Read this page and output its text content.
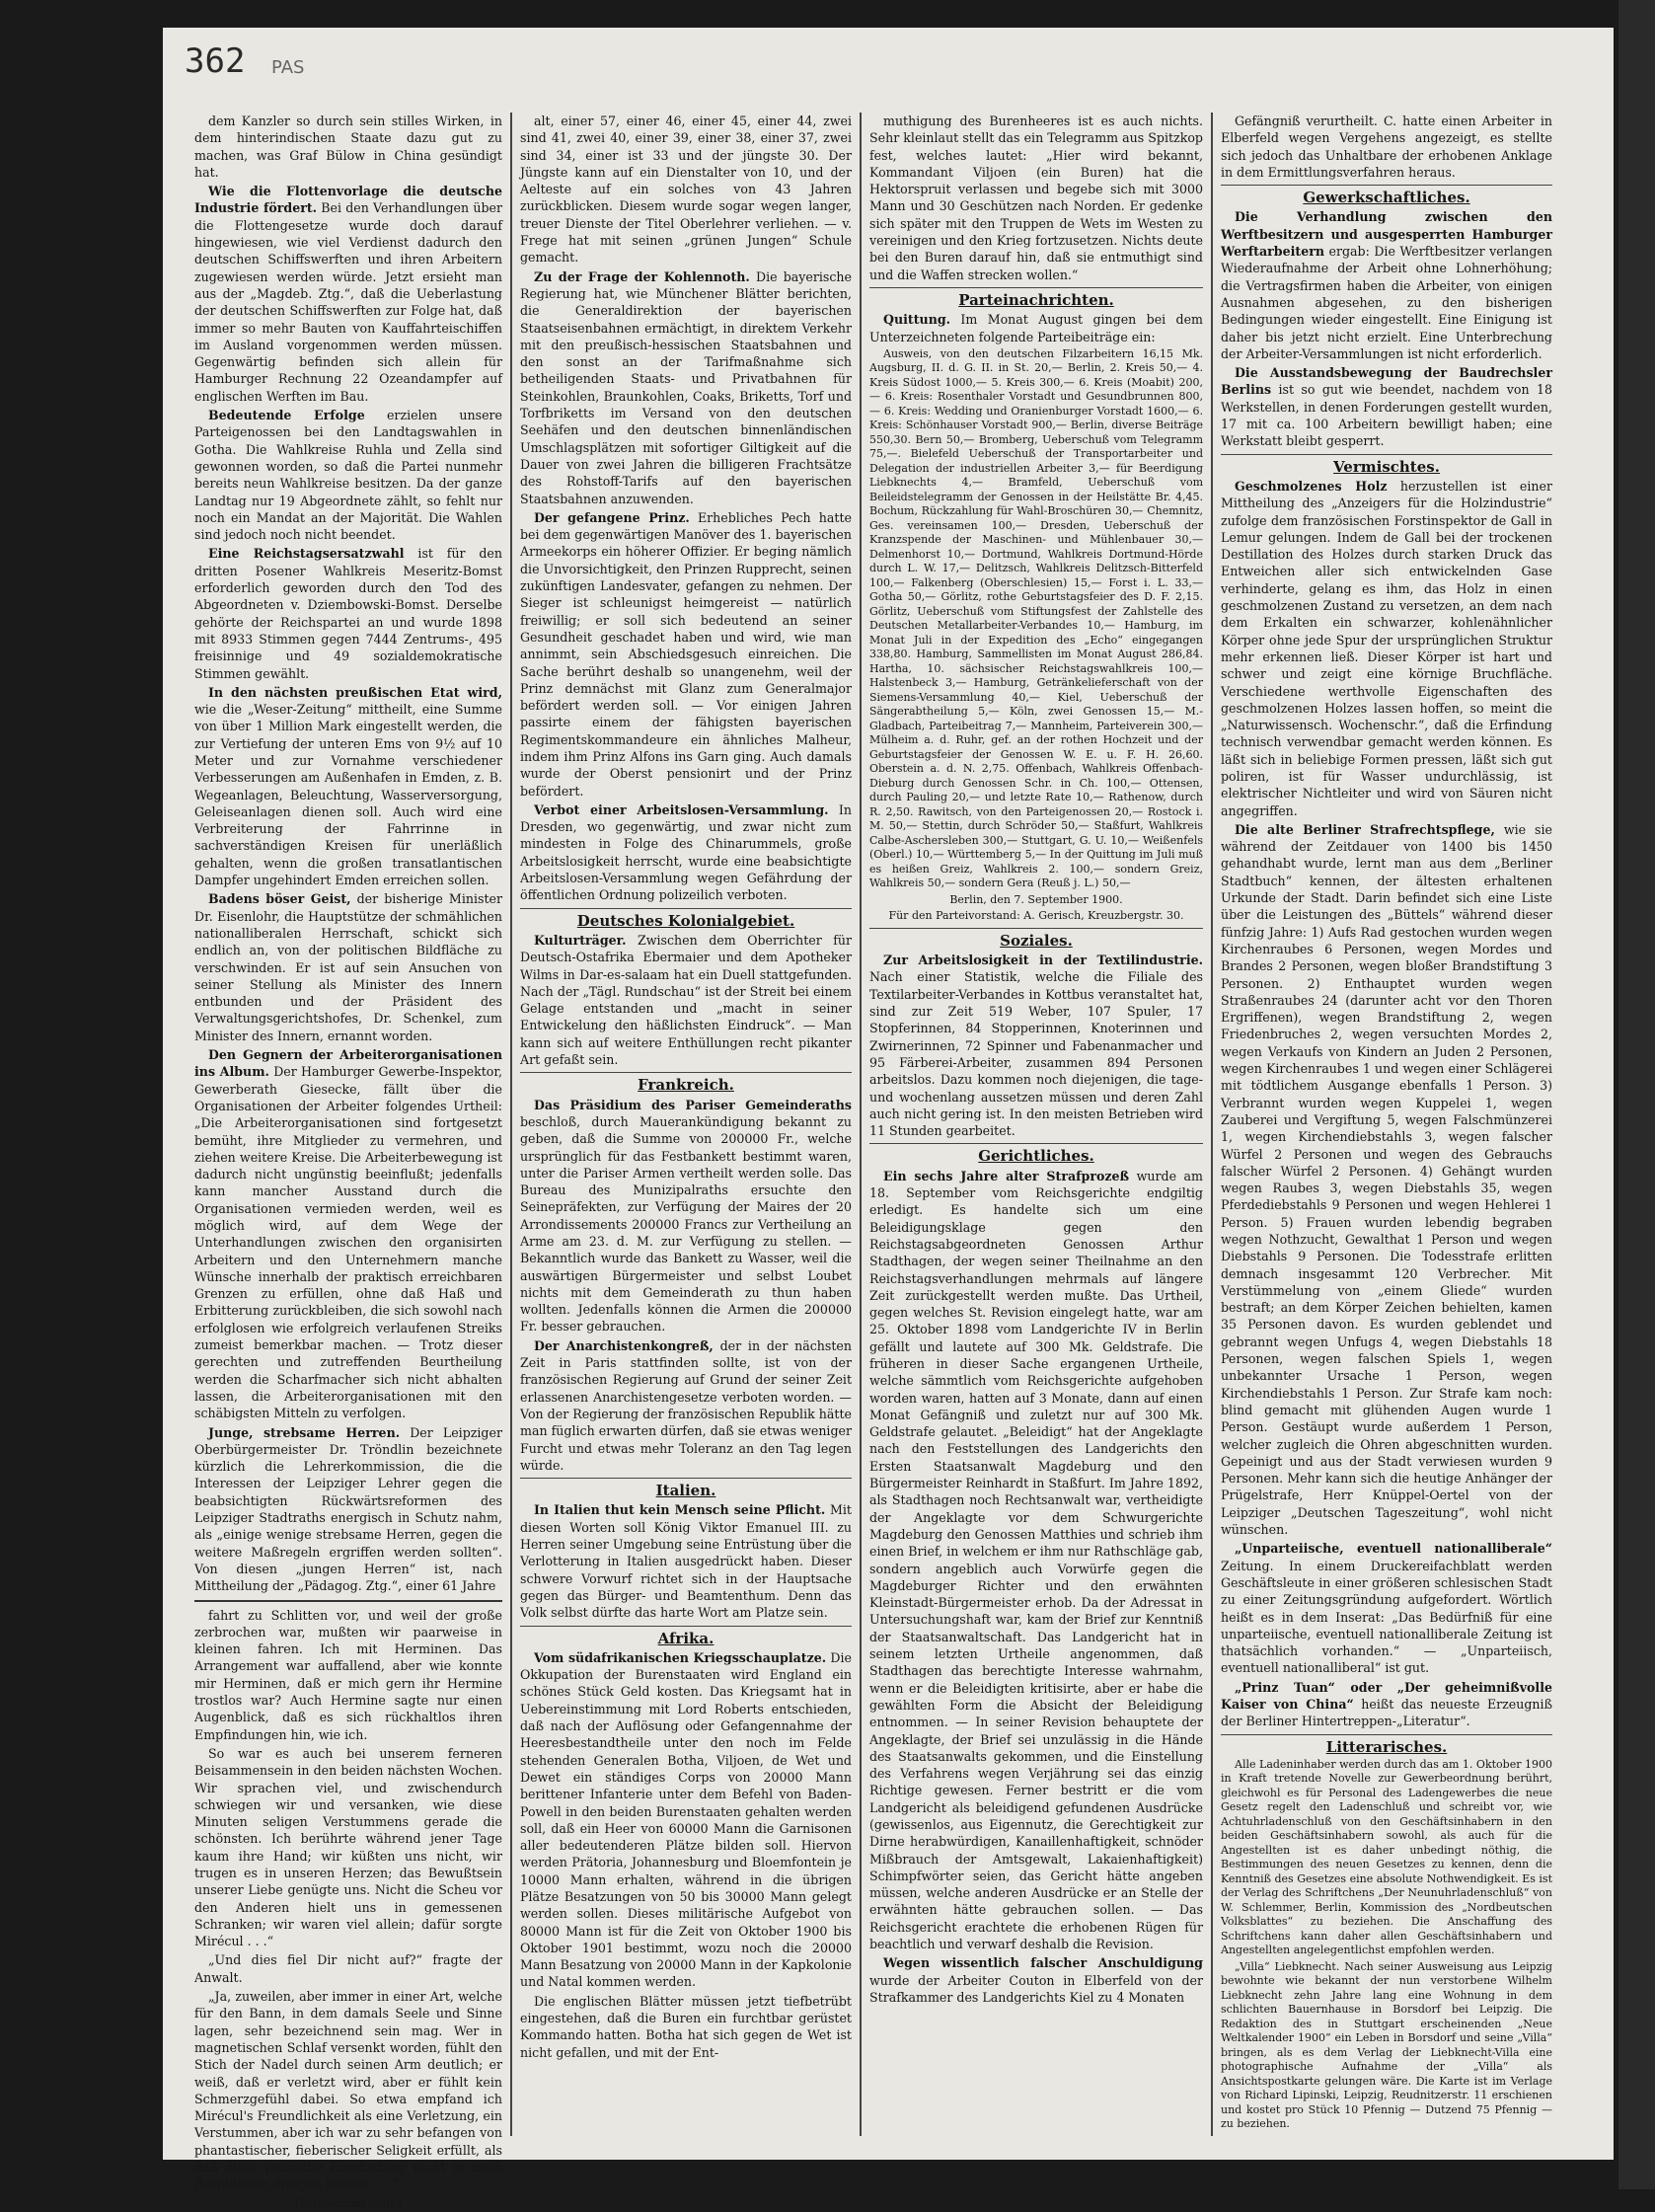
362 PAS

dem Kanzler so durch sein stilles Wirken, in dem hinterindischen Staate dazu gut zu machen, was Graf Bülow in China gesündigt hat.

Wie die Flottenvorlage die deutsche Industrie fördert. Bei den Verhandlungen über die Flottengesetze wurde doch darauf hingewiesen, wie viel Verdienst dadurch den deutschen Schiffswerften und ihren Arbeitern zugewiesen werden würde. Jetzt ersieht man aus der „Magdeb. Ztg.“, daß die Ueberlastung der deutschen Schiffswerften zur Folge hat, daß immer so mehr Bauten von Kauffahrteischiffen im Ausland vorgenommen werden müssen. Gegenwärtig befinden sich allein für Hamburger Rechnung 22 Ozeandampfer auf englischen Werften im Bau.

Bedeutende Erfolge erzielen unsere Parteigenossen bei den Landtagswahlen in Gotha. Die Wahlkreise Ruhla und Zella sind gewonnen worden, so daß die Partei nunmehr bereits neun Wahlkreise besitzen. Da der ganze Landtag nur 19 Abgeordnete zählt, so fehlt nur noch ein Mandat an der Majorität. Die Wahlen sind jedoch noch nicht beendet.

Eine Reichstagsersatzwahl ist für den dritten Posener Wahlkreis Meseritz-Bomst erforderlich geworden durch den Tod des Abgeordneten v. Dziembowski-Bomst. Derselbe gehörte der Reichspartei an und wurde 1898 mit 8933 Stimmen gegen 7444 Zentrums-, 495 freisinnige und 49 sozialdemokratische Stimmen gewählt.

In den nächsten preußischen Etat wird, wie die „Weser-Zeitung“ mittheilt, eine Summe von über 1 Million Mark eingestellt werden, die zur Vertiefung der unteren Ems von 9½ auf 10 Meter und zur Vornahme verschiedener Verbesserungen am Außenhafen in Emden, z. B. Wegeanlagen, Beleuchtung, Wasserversorgung, Geleiseanlagen dienen soll. Auch wird eine Verbreiterung der Fahrrinne in sachverständigen Kreisen für unerläßlich gehalten, wenn die großen transatlantischen Dampfer ungehindert Emden erreichen sollen.

Badens böser Geist, der bisherige Minister Dr. Eisenlohr, die Hauptstütze der schmählichen nationalliberalen Herrschaft, schickt sich endlich an, von der politischen Bildfläche zu verschwinden. Er ist auf sein Ansuchen von seiner Stellung als Minister des Innern entbunden und der Präsident des Verwaltungsgerichtshofes, Dr. Schenkel, zum Minister des Innern, ernannt worden.

Den Gegnern der Arbeiterorganisationen ins Album. Der Hamburger Gewerbe-Inspektor, Gewerberath Giesecke, fällt über die Organisationen der Arbeiter folgendes Urtheil: „Die Arbeiterorganisationen sind fortgesetzt bemüht, ihre Mitglieder zu vermehren, und ziehen weitere Kreise. Die Arbeiterbewegung ist dadurch nicht ungünstig beeinflußt; jedenfalls kann mancher Ausstand durch die Organisationen vermieden werden, weil es möglich wird, auf dem Wege der Unterhandlungen zwischen den organisirten Arbeitern und den Unternehmern manche Wünsche innerhalb der praktisch erreichbaren Grenzen zu erfüllen, ohne daß Haß und Erbitterung zurückbleiben, die sich sowohl nach erfolglosen wie erfolgreich verlaufenen Streiks zumeist bemerkbar machen. — Trotz dieser gerechten und zutreffenden Beurtheilung werden die Scharfmacher sich nicht abhalten lassen, die Arbeiterorganisationen mit den schäbigsten Mitteln zu verfolgen.

Junge, strebsame Herren. Der Leipziger Oberbürgermeister Dr. Tröndlin bezeichnete kürzlich die Lehrerkommission, die die Interessen der Leipziger Lehrer gegen die beabsichtigten Rückwärtsreformen des Leipziger Stadtraths energisch in Schutz nahm, als „einige wenige strebsame Herren, gegen die weitere Maßregeln ergriffen werden sollten“. Von diesen „jungen Herren“ ist, nach Mittheilung der „Pädagog. Ztg.“, einer 61 Jahre

fahrt zu Schlitten vor, und weil der große zerbrochen war, mußten wir paarweise in kleinen fahren. Ich mit Herminen. Das Arrangement war auffallend, aber wie konnte mir Herminen, daß er mich gern ihr Hermine trostlos war? Auch Hermine sagte nur einen Augenblick, daß es sich rückhaltlos ihren Empfindungen hin, wie ich.

So war es auch bei unserem ferneren Beisammensein in den beiden nächsten Wochen. Wir sprachen viel, und zwischendurch schwiegen wir und versanken, wie diese Minuten seligen Verstummens gerade die schönsten. Ich berührte während jener Tage kaum ihre Hand; wir küßten uns nicht, wir trugen es in unseren Herzen; das Bewußtsein unserer Liebe genügte uns. Nicht die Scheu vor den Anderen hielt uns in gemessenen Schranken; wir waren viel allein; dafür sorgte Mirécul . . .“

„Und dies fiel Dir nicht auf?“ fragte der Anwalt.

„Ja, zuweilen, aber immer in einer Art, welche für den Bann, in dem damals Seele und Sinne lagen, sehr bezeichnend sein mag. Wer in magnetischen Schlaf versenkt worden, fühlt den Stich der Nadel durch seinen Arm deutlich; er weiß, daß er verletzt wird, aber er fühlt kein Schmerzgefühl dabei. So etwa empfand ich Mirécul's Freundlichkeit als eine Verletzung, ein Verstummen, aber ich war zu sehr befangen von phantastischer, fieberischer Seligkeit erfüllt, als daß diese peinliche Empfindung nicht in mein Bewußtsein dringen konnte . . .“

(Fortsetzung folgt.)

alt, einer 57, einer 46, einer 45, einer 44, zwei sind 41, zwei 40, einer 39, einer 38, einer 37, zwei sind 34, einer ist 33 und der jüngste 30. Der Jüngste kann auf ein Dienstalter von 10, und der Aelteste auf ein solches von 43 Jahren zurückblicken. Diesem wurde sogar wegen langer, treuer Dienste der Titel Oberlehrer verliehen. — v. Frege hat mit seinen „grünen Jungen“ Schule gemacht.

Zu der Frage der Kohlennoth. Die bayerische Regierung hat, wie Münchener Blätter berichten, die Generaldirektion der bayerischen Staatseisenbahnen ermächtigt, in direktem Verkehr mit den preußisch-hessischen Staatsbahnen und den sonst an der Tarifmaßnahme sich betheiligenden Staats- und Privatbahnen für Steinkohlen, Braunkohlen, Coaks, Briketts, Torf und Torfbriketts im Versand von den deutschen Seehäfen und den deutschen binnenländischen Umschlagsplätzen mit sofortiger Giltigkeit auf die Dauer von zwei Jahren die billigeren Frachtsätze des Rohstoff-Tarifs auf den bayerischen Staatsbahnen anzuwenden.

Der gefangene Prinz. Erhebliches Pech hatte bei dem gegenwärtigen Manöver des 1. bayerischen Armeekorps ein höherer Offizier. Er beging nämlich die Unvorsichtigkeit, den Prinzen Rupprecht, seinen zukünftigen Landesvater, gefangen zu nehmen. Der Sieger ist schleunigst heimgereist — natürlich freiwillig; er soll sich bedeutend an seiner Gesundheit geschadet haben und wird, wie man annimmt, sein Abschiedsgesuch einreichen. Die Sache berührt deshalb so unangenehm, weil der Prinz demnächst mit Glanz zum Generalmajor befördert werden soll. — Vor einigen Jahren passirte einem der fähigsten bayerischen Regimentskommandeure ein ähnliches Malheur, indem ihm Prinz Alfons ins Garn ging. Auch damals wurde der Oberst pensionirt und der Prinz befördert.

Verbot einer Arbeitslosen-Versammlung. In Dresden, wo gegenwärtig, und zwar nicht zum mindesten in Folge des Chinarummels, große Arbeitslosigkeit herrscht, wurde eine beabsichtigte Arbeitslosen-Versammlung wegen Gefährdung der öffentlichen Ordnung polizeilich verboten.

Deutsches Kolonialgebiet.

Kulturträger. Zwischen dem Oberrichter für Deutsch-Ostafrika Ebermaier und dem Apotheker Wilms in Dar-es-salaam hat ein Duell stattgefunden. Nach der „Tägl. Rundschau“ ist der Streit bei einem Gelage entstanden und „macht in seiner Entwickelung den häßlichsten Eindruck“. — Man kann sich auf weitere Enthüllungen recht pikanter Art gefaßt sein.

Frankreich.

Das Präsidium des Pariser Gemeinderaths beschloß, durch Mauerankündigung bekannt zu geben, daß die Summe von 200000 Fr., welche ursprünglich für das Festbankett bestimmt waren, unter die Pariser Armen vertheilt werden solle. Das Bureau des Munizipalraths ersuchte den Seinepräfekten, zur Verfügung der Maires der 20 Arrondissements 200000 Francs zur Vertheilung an Arme am 23. d. M. zur Verfügung zu stellen. — Bekanntlich wurde das Bankett zu Wasser, weil die auswärtigen Bürgermeister und selbst Loubet nichts mit dem Gemeinderath zu thun haben wollten. Jedenfalls können die Armen die 200000 Fr. besser gebrauchen.

Der Anarchistenkongreß, der in der nächsten Zeit in Paris stattfinden sollte, ist von der französischen Regierung auf Grund der seiner Zeit erlassenen Anarchistengesetze verboten worden. — Von der Regierung der französischen Republik hätte man füglich erwarten dürfen, daß sie etwas weniger Furcht und etwas mehr Toleranz an den Tag legen würde.

Italien.

In Italien thut kein Mensch seine Pflicht. Mit diesen Worten soll König Viktor Emanuel III. zu Herren seiner Umgebung seine Entrüstung über die Verlotterung in Italien ausgedrückt haben. Dieser schwere Vorwurf richtet sich in der Hauptsache gegen das Bürger- und Beamtenthum. Denn das Volk selbst dürfte das harte Wort am Platze sein.

Afrika.

Vom südafrikanischen Kriegsschauplatze. Die Okkupation der Burenstaaten wird England ein schönes Stück Geld kosten. Das Kriegsamt hat in Uebereinstimmung mit Lord Roberts entschieden, daß nach der Auflösung oder Gefangennahme der Heeresbestandtheile unter den noch im Felde stehenden Generalen Botha, Viljoen, de Wet und Dewet ein ständiges Corps von 20000 Mann berittener Infanterie unter dem Befehl von Baden-Powell in den beiden Burenstaaten gehalten werden soll, daß ein Heer von 60000 Mann die Garnisonen aller bedeutenderen Plätze bilden soll. Hiervon werden Prätoria, Johannesburg und Bloemfontein je 10000 Mann erhalten, während in die übrigen Plätze Besatzungen von 50 bis 30000 Mann gelegt werden sollen. Dieses militärische Aufgebot von 80000 Mann ist für die Zeit von Oktober 1900 bis Oktober 1901 bestimmt, wozu noch die 20000 Mann Besatzung von 20000 Mann in der Kapkolonie und Natal kommen werden.

Die englischen Blätter müssen jetzt tiefbetrübt eingestehen, daß die Buren ein furchtbar gerüstet Kommando hatten. Botha hat sich gegen de Wet ist nicht gefallen, und mit der Ent-

muthigung des Burenheeres ist es auch nichts. Sehr kleinlaut stellt das ein Telegramm aus Spitzkop fest, welches lautet: „Hier wird bekannt, Kommandant Viljoen (ein Buren) hat die Hektorspruit verlassen und begebe sich mit 3000 Mann und 30 Geschützen nach Norden. Er gedenke sich später mit den Truppen de Wets im Westen zu vereinigen und den Krieg fortzusetzen. Nichts deute bei den Buren darauf hin, daß sie entmuthigt sind und die Waffen strecken wollen.“

Parteinachrichten.

Quittung. Im Monat August gingen bei dem Unterzeichneten folgende Parteibeiträge ein:

Ausweis, von den deutschen Filzarbeitern 16,15 Mk. Augsburg, II. d. G. II. in St. 20,— Berlin, 2. Kreis 50,— 4. Kreis Südost 1000,— 5. Kreis 300,— 6. Kreis (Moabit) 200,— 6. Kreis: Rosenthaler Vorstadt und Gesundbrunnen 800,— 6. Kreis: Wedding und Oranienburger Vorstadt 1600,— 6. Kreis: Schönhauser Vorstadt 900,— Berlin, diverse Beiträge 550,30. Bern 50,— Bromberg, Ueberschuß vom Telegramm 75,—. Bielefeld Ueberschuß der Transportarbeiter und Delegation der industriellen Arbeiter 3,— für Beerdigung Liebknechts 4,— Bramfeld, Ueberschuß vom Beileidstelegramm der Genossen in der Heilstätte Br. 4,45. Bochum, Rückzahlung für Wahl-Broschüren 30,— Chemnitz, Ges. vereinsamen 100,— Dresden, Ueberschuß der Kranzspende der Maschinen- und Mühlenbauer 30,— Delmenhorst 10,— Dortmund, Wahlkreis Dortmund-Hörde durch L. W. 17,— Delitzsch, Wahlkreis Delitzsch-Bitterfeld 100,— Falkenberg (Oberschlesien) 15,— Forst i. L. 33,— Gotha 50,— Görlitz, rothe Geburtstagsfeier des D. F. 2,15. Görlitz, Ueberschuß vom Stiftungsfest der Zahlstelle des Deutschen Metallarbeiter-Verbandes 10,— Hamburg, im Monat Juli in der Expedition des „Echo“ eingegangen 338,80. Hamburg, Sammellisten im Monat August 286,84. Hartha, 10. sächsischer Reichstagswahlkreis 100,— Halstenbeck 3,— Hamburg, Getränkelieferschaft von der Siemens-Versammlung 40,— Kiel, Ueberschuß der Sängerabtheilung 5,— Köln, zwei Genossen 15,— M.-Gladbach, Parteibeitrag 7,— Mannheim, Parteiverein 300,— Mülheim a. d. Ruhr, gef. an der rothen Hochzeit und der Geburtstagsfeier der Genossen W. E. u. F. H. 26,60. Oberstein a. d. N. 2,75. Offenbach, Wahlkreis Offenbach-Dieburg durch Genossen Schr. in Ch. 100,— Ottensen, durch Pauling 20,— und letzte Rate 10,— Rathenow, durch R. 2,50. Rawitsch, von den Parteigenossen 20,— Rostock i. M. 50,— Stettin, durch Schröder 50,— Staßfurt, Wahlkreis Calbe-Aschersleben 300,— Stuttgart, G. U. 10,— Weißenfels (Oberl.) 10,— Württemberg 5,— In der Quittung im Juli muß es heißen Greiz, Wahlkreis 2. 100,— sondern Greiz, Wahlkreis 50,— sondern Gera (Reuß j. L.) 50,—

Berlin, den 7. September 1900.

Für den Parteivorstand: A. Gerisch, Kreuzbergstr. 30.

Soziales.

Zur Arbeitslosigkeit in der Textilindustrie. Nach einer Statistik, welche die Filiale des Textilarbeiter-Verbandes in Kottbus veranstaltet hat, sind zur Zeit 519 Weber, 107 Spuler, 17 Stopferinnen, 84 Stopperinnen, Knoterinnen und Zwirnerinnen, 72 Spinner und Fabenanmacher und 95 Färberei-Arbeiter, zusammen 894 Personen arbeitslos. Dazu kommen noch diejenigen, die tage- und wochenlang aussetzen müssen und deren Zahl auch nicht gering ist. In den meisten Betrieben wird 11 Stunden gearbeitet.

Gerichtliches.

Ein sechs Jahre alter Strafprozeß wurde am 18. September vom Reichsgerichte endgiltig erledigt. Es handelte sich um eine Beleidigungsklage gegen den Reichstagsabgeordneten Genossen Arthur Stadthagen, der wegen seiner Theilnahme an den Reichstagsverhandlungen mehrmals auf längere Zeit zurückgestellt werden mußte. Das Urtheil, gegen welches St. Revision eingelegt hatte, war am 25. Oktober 1898 vom Landgerichte IV in Berlin gefällt und lautete auf 300 Mk. Geldstrafe. Die früheren in dieser Sache ergangenen Urtheile, welche sämmtlich vom Reichsgerichte aufgehoben worden waren, hatten auf 3 Monate, dann auf einen Monat Gefängniß und zuletzt nur auf 300 Mk. Geldstrafe gelautet. „Beleidigt“ hat der Angeklagte nach den Feststellungen des Landgerichts den Ersten Staatsanwalt Magdeburg und den Bürgermeister Reinhardt in Staßfurt. Im Jahre 1892, als Stadthagen noch Rechtsanwalt war, vertheidigte der Angeklagte vor dem Schwurgerichte Magdeburg den Genossen Matthies und schrieb ihm einen Brief, in welchem er ihm nur Rathschläge gab, sondern angeblich auch Vorwürfe gegen die Magdeburger Richter und den erwähnten Kleinstadt-Bürgermeister erhob. Da der Adressat in Untersuchungshaft war, kam der Brief zur Kenntniß der Staatsanwaltschaft. Das Landgericht hat in seinem letzten Urtheile angenommen, daß Stadthagen das berechtigte Interesse wahrnahm, wenn er die Beleidigten kritisirte, aber er habe die gewählten Form die Absicht der Beleidigung entnommen. — In seiner Revision behauptete der Angeklagte, der Brief sei unzulässig in die Hände des Staatsanwalts gekommen, und die Einstellung des Verfahrens wegen Verjährung sei das einzig Richtige gewesen. Ferner bestritt er die vom Landgericht als beleidigend gefundenen Ausdrücke (gewissenlos, aus Eigennutz, die Gerechtigkeit zur Dirne herabwürdigen, Kanaillenhaftigkeit, schnöder Mißbrauch der Amtsgewalt, Lakaienhaftigkeit) Schimpfwörter seien, das Gericht hätte angeben müssen, welche anderen Ausdrücke er an Stelle der erwähnten hätte gebrauchen sollen. — Das Reichsgericht erachtete die erhobenen Rügen für beachtlich und verwarf deshalb die Revision.

Wegen wissentlich falscher Anschuldigung wurde der Arbeiter Couton in Elberfeld von der Strafkammer des Landgerichts Kiel zu 4 Monaten

Gefängniß verurtheilt. C. hatte einen Arbeiter in Elberfeld wegen Vergehens angezeigt, es stellte sich jedoch das Unhaltbare der erhobenen Anklage in dem Ermittlungsverfahren heraus.

Gewerkschaftliches.

Die Verhandlung zwischen den Werftbesitzern und ausgesperrten Hamburger Werftarbeitern ergab: Die Werftbesitzer verlangen Wiederaufnahme der Arbeit ohne Lohnerhöhung; die Vertragsfirmen haben die Arbeiter, von einigen Ausnahmen abgesehen, zu den bisherigen Bedingungen wieder eingestellt. Eine Einigung ist daher bis jetzt nicht erzielt. Eine Unterbrechung der Arbeiter-Versammlungen ist nicht erforderlich.

Die Ausstandsbewegung der Baudrechsler Berlins ist so gut wie beendet, nachdem von 18 Werkstellen, in denen Forderungen gestellt wurden, 17 mit ca. 100 Arbeitern bewilligt haben; eine Werkstatt bleibt gesperrt.

Vermischtes.

Geschmolzenes Holz herzustellen ist einer Mittheilung des „Anzeigers für die Holzindustrie“ zufolge dem französischen Forstinspektor de Gall in Lemur gelungen. Indem de Gall bei der trockenen Destillation des Holzes durch starken Druck das Entweichen aller sich entwickelnden Gase verhinderte, gelang es ihm, das Holz in einen geschmolzenen Zustand zu versetzen, an dem nach dem Erkalten ein schwarzer, kohlenähnlicher Körper ohne jede Spur der ursprünglichen Struktur mehr erkennen ließ. Dieser Körper ist hart und schwer und zeigt eine körnige Bruchfläche. Verschiedene werthvolle Eigenschaften des geschmolzenen Holzes lassen hoffen, so meint die „Naturwissensch. Wochenschr.“, daß die Erfindung technisch verwendbar gemacht werden können. Es läßt sich in beliebige Formen pressen, läßt sich gut poliren, ist für Wasser undurchlässig, ist elektrischer Nichtleiter und wird von Säuren nicht angegriffen.

Die alte Berliner Strafrechtspflege, wie sie während der Zeitdauer von 1400 bis 1450 gehandhabt wurde, lernt man aus dem „Berliner Stadtbuch“ kennen, der ältesten erhaltenen Urkunde der Stadt. Darin befindet sich eine Liste über die Leistungen des „Büttels“ während dieser fünfzig Jahre: 1) Aufs Rad gestochen wurden wegen Kirchenraubes 6 Personen, wegen Mordes und Brandes 2 Personen, wegen bloßer Brandstiftung 3 Personen. 2) Enthauptet wurden wegen Straßenraubes 24 (darunter acht vor den Thoren Ergriffenen), wegen Brandstiftung 2, wegen Friedenbruches 2, wegen versuchten Mordes 2, wegen Verkaufs von Kindern an Juden 2 Personen, wegen Kirchenraubes 1 und wegen einer Schlägerei mit tödtlichem Ausgange ebenfalls 1 Person. 3) Verbrannt wurden wegen Kuppelei 1, wegen Zauberei und Vergiftung 5, wegen Falschmünzerei 1, wegen Kirchendiebstahls 3, wegen falscher Würfel 2 Personen und wegen des Gebrauchs falscher Würfel 2 Personen. 4) Gehängt wurden wegen Raubes 3, wegen Diebstahls 35, wegen Pferdediebstahls 9 Personen und wegen Hehlerei 1 Person. 5) Frauen wurden lebendig begraben wegen Nothzucht, Gewalthat 1 Person und wegen Diebstahls 9 Personen. Die Todesstrafe erlitten demnach insgesammt 120 Verbrecher. Mit Verstümmelung von „einem Gliede“ wurden bestraft; an dem Körper Zeichen behielten, kamen 35 Personen davon. Es wurden geblendet und gebrannt wegen Unfugs 4, wegen Diebstahls 18 Personen, wegen falschen Spiels 1, wegen unbekannter Ursache 1 Person, wegen Kirchendiebstahls 1 Person. Zur Strafe kam noch: blind gemacht mit glühenden Augen wurde 1 Person. Gestäupt wurde außerdem 1 Person, welcher zugleich die Ohren abgeschnitten wurden. Gepeinigt und aus der Stadt verwiesen wurden 9 Personen. Mehr kann sich die heutige Anhänger der Prügelstrafe, Herr Knüppel-Oertel von der Leipziger „Deutschen Tageszeitung“, wohl nicht wünschen.

„Unparteiische, eventuell nationalliberale“ Zeitung. In einem Druckereifachblatt werden Geschäftsleute in einer größeren schlesischen Stadt zu einer Zeitungsgründung aufgefordert. Wörtlich heißt es in dem Inserat: „Das Bedürfniß für eine unparteiische, eventuell nationalliberale Zeitung ist thatsächlich vorhanden.“ — „Unparteiisch, eventuell nationalliberal“ ist gut.

„Prinz Tuan“ oder „Der geheimnißvolle Kaiser von China“ heißt das neueste Erzeugniß der Berliner Hintertreppen-„Literatur“.

Litterarisches.

Alle Ladeninhaber werden durch das am 1. Oktober 1900 in Kraft tretende Novelle zur Gewerbeordnung berührt, gleichwohl es für Personal des Ladengewerbes die neue Gesetz regelt den Ladenschluß und schreibt vor, wie Achtuhrladenschluß von den Geschäftsinhabern in den beiden Geschäftsinhabern sowohl, als auch für die Angestellten ist es daher unbedingt nöthig, die Bestimmungen des neuen Gesetzes zu kennen, denn die Kenntniß des Gesetzes eine absolute Nothwendigkeit. Es ist der Verlag des Schriftchens „Der Neunuhrladenschluß“ von W. Schlemmer, Berlin, Kommission des „Nordbeutschen Volksblattes“ zu beziehen. Die Anschaffung des Schriftchens kann daher allen Geschäftsinhabern und Angestellten angelegentlichst empfohlen werden.

„Villa“ Liebknecht. Nach seiner Ausweisung aus Leipzig bewohnte wie bekannt der nun verstorbene Wilhelm Liebknecht zehn Jahre lang eine Wohnung in dem schlichten Bauernhause in Borsdorf bei Leipzig. Die Redaktion des in Stuttgart erscheinenden „Neue Weltkalender 1900“ ein Leben in Borsdorf und seine „Villa“ bringen, als es dem Verlag der Liebknecht-Villa eine photographische Aufnahme der „Villa“ als Ansichtspostkarte gelungen wäre. Die Karte ist im Verlage von Richard Lipinski, Leipzig, Reudnitzerstr. 11 erschienen und kostet pro Stück 10 Pfennig — Dutzend 75 Pfennig — zu beziehen.
